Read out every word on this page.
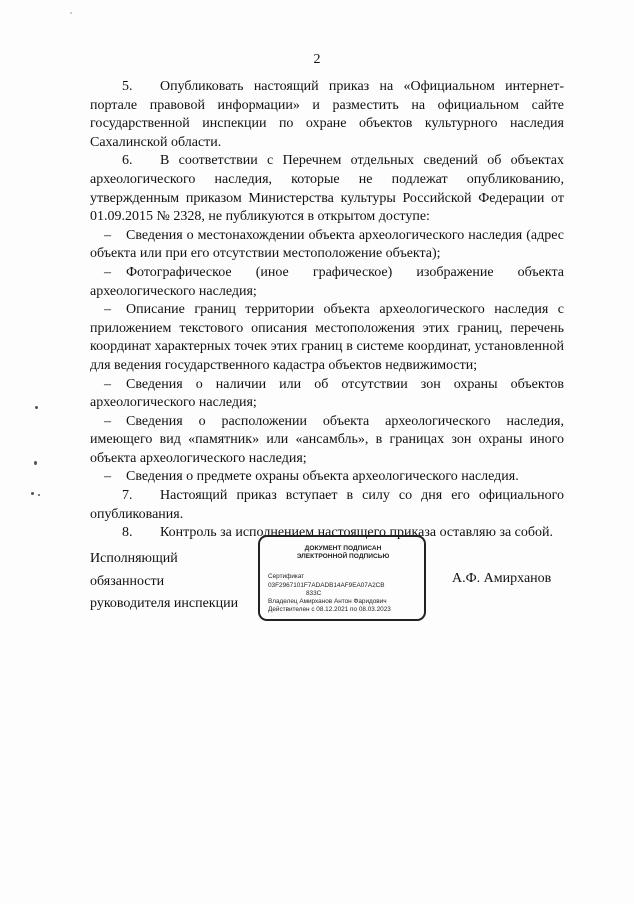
2

5. Опубликовать настоящий приказ на «Официальном интернет-портале правовой информации» и разместить на официальном сайте государственной инспекции по охране объектов культурного наследия Сахалинской области.

6. В соответствии с Перечнем отдельных сведений об объектах археологического наследия, которые не подлежат опубликованию, утвержденным приказом Министерства культуры Российской Федерации от 01.09.2015 № 2328, не публикуются в открытом доступе:

– Сведения о местонахождении объекта археологического наследия (адрес объекта или при его отсутствии местоположение объекта);

– Фотографическое (иное графическое) изображение объекта археологического наследия;

– Описание границ территории объекта археологического наследия с приложением текстового описания местоположения этих границ, перечень координат характерных точек этих границ в системе координат, установленной для ведения государственного кадастра объектов недвижимости;

– Сведения о наличии или об отсутствии зон охраны объектов археологического наследия;

– Сведения о расположении объекта археологического наследия, имеющего вид «памятник» или «ансамбль», в границах зон охраны иного объекта археологического наследия;

– Сведения о предмете охраны объекта археологического наследия.

7. Настоящий приказ вступает в силу со дня его официального опубликования.

8. Контроль за исполнением настоящего приказа оставляю за собой.

Исполняющий
обязанности
руководителя инспекции
ДОКУМЕНТ ПОДПИСАН
ЭЛЕКТРОННОЙ ПОДПИСЬЮ
Сертификат 03F2967101F7ADADB14AF9EA07A2CB
833C
Владелец Амирханов Антон Фаридович
Действителен с 08.12.2021 по 08.03.2023
А.Ф. Амирханов
